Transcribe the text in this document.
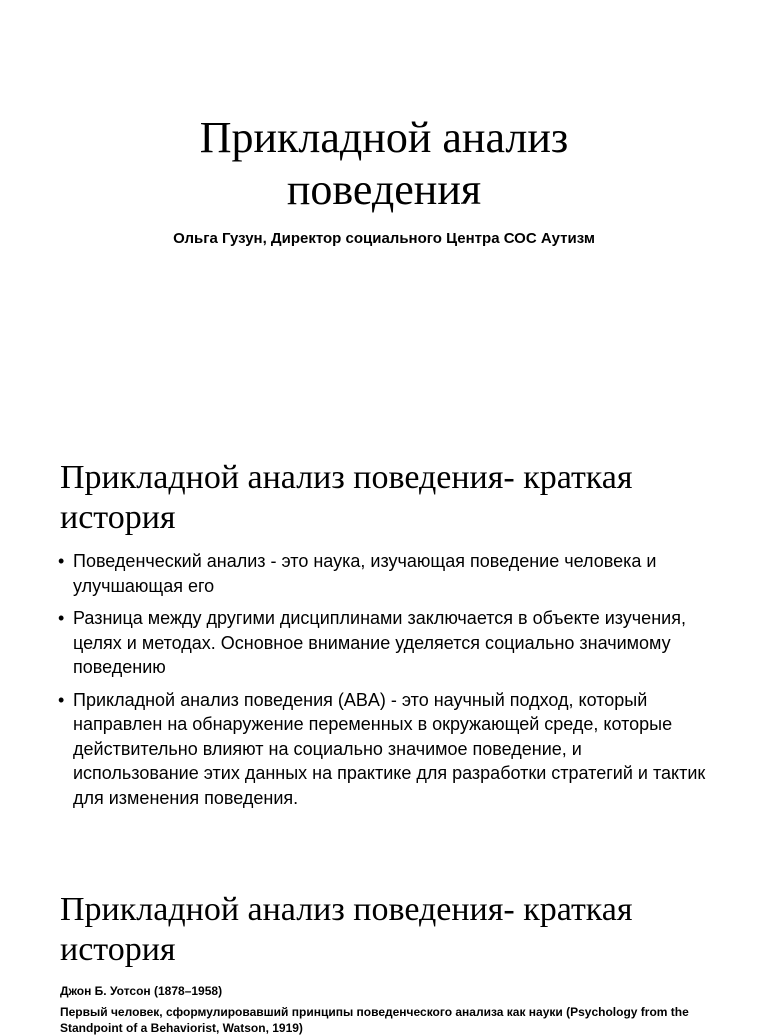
Прикладной анализ
поведения

Ольга Гузун, Директор социального Центра СОС Аутизм

Прикладной анализ поведения- краткая
история
• Поведенческий анализ - это наука, изучающая поведение человека и улучшающая его
• Разница между другими дисциплинами заключается в объекте изучения, целях и методах. Основное внимание уделяется социально значимому поведению
• Прикладной анализ поведения (ABA) - это научный подход, который направлен на обнаружение переменных в окружающей среде, которые действительно влияют на социально значимое поведение, и использование этих данных на практике для разработки стратегий и тактик для изменения поведения.
Прикладной анализ поведения- краткая
история

Джон Б. Уотсон (1878–1958)

Первый человек, сформулировавший принципы поведенческого анализа как науки (Psychology from the Standpoint of a Behaviorist, Watson, 1919)
